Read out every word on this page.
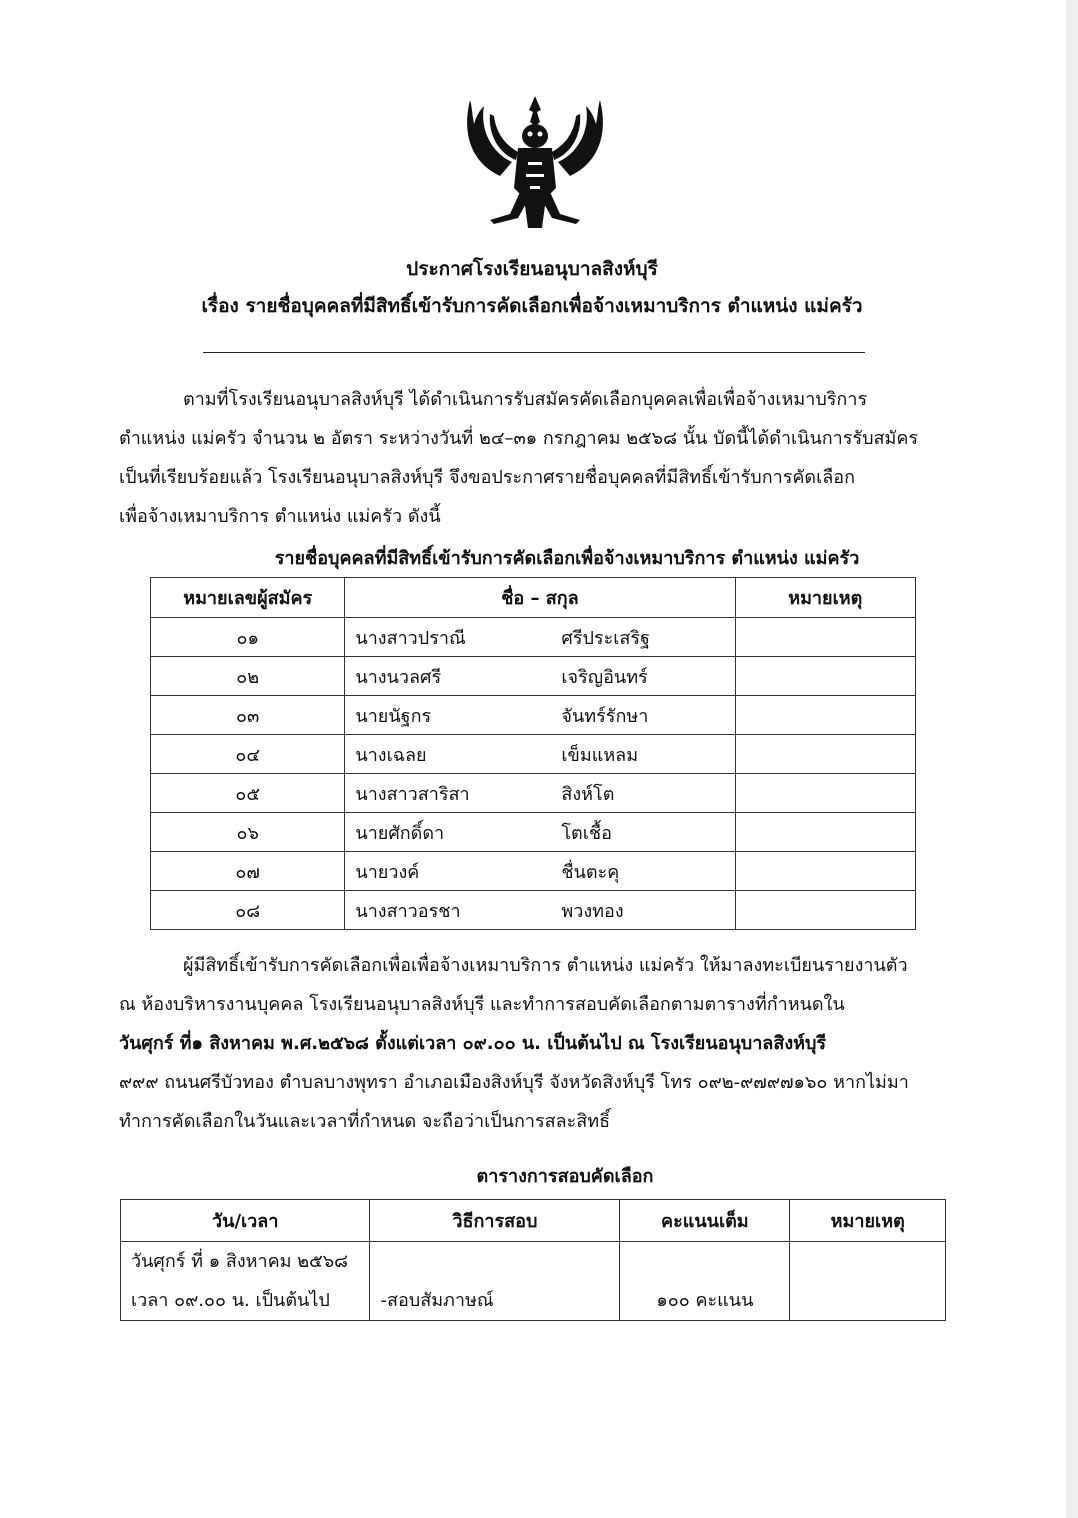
ประกาศโรงเรียนอนุบาลสิงห์บุรี
เรื่อง รายชื่อบุคคลที่มีสิทธิ์เข้ารับการคัดเลือกเพื่อจ้างเหมาบริการ ตำแหน่ง แม่ครัว
ตามที่โรงเรียนอนุบาลสิงห์บุรี ได้ดำเนินการรับสมัครคัดเลือกบุคคลเพื่อเพื่อจ้างเหมาบริการ
ตำแหน่ง แม่ครัว จำนวน ๒ อัตรา ระหว่างวันที่ ๒๔–๓๑ กรกฎาคม ๒๕๖๘ นั้น บัดนี้ได้ดำเนินการรับสมัคร
เป็นที่เรียบร้อยแล้ว โรงเรียนอนุบาลสิงห์บุรี จึงขอประกาศรายชื่อบุคคลที่มีสิทธิ์เข้ารับการคัดเลือก
เพื่อจ้างเหมาบริการ ตำแหน่ง แม่ครัว ดังนี้
รายชื่อบุคคลที่มีสิทธิ์เข้ารับการคัดเลือกเพื่อจ้างเหมาบริการ ตำแหน่ง แม่ครัว
หมายเลขผู้สมัคร	ชื่อ – สกุล	หมายเหตุ
๐๑	นางสาวปราณี ศรีประเสริฐ	
๐๒	นางนวลศรี เจริญอินทร์	
๐๓	นายนัฐกร จันทร์รักษา	
๐๔	นางเฉลย เข็มแหลม	
๐๕	นางสาวสาริสา สิงห์โต	
๐๖	นายศักดิ์ดา โตเชื้อ	
๐๗	นายวงค์ ชื่นตะคุ	
๐๘	นางสาวอรชา พวงทอง	
ผู้มีสิทธิ์เข้ารับการคัดเลือกเพื่อเพื่อจ้างเหมาบริการ ตำแหน่ง แม่ครัว ให้มาลงทะเบียนรายงานตัว
ณ ห้องบริหารงานบุคคล โรงเรียนอนุบาลสิงห์บุรี และทำการสอบคัดเลือกตามตารางที่กำหนดใน
วันศุกร์ ที่๑ สิงหาคม พ.ศ.๒๕๖๘ ตั้งแต่เวลา ๐๙.๐๐ น. เป็นต้นไป ณ โรงเรียนอนุบาลสิงห์บุรี
๙๙๙ ถนนศรีบัวทอง ตำบลบางพุทรา อำเภอเมืองสิงห์บุรี จังหวัดสิงห์บุรี โทร ๐๙๒-๙๗๙๗๑๖๐ หากไม่มา
ทำการคัดเลือกในวันและเวลาที่กำหนด จะถือว่าเป็นการสละสิทธิ์
ตารางการสอบคัดเลือก
วัน/เวลา	วิธีการสอบ	คะแนนเต็ม	หมายเหตุ

วันศุกร์ ที่ ๑ สิงหาคม ๒๕๖๘
เวลา ๐๙.๐๐ น. เป็นต้นไป	-สอบสัมภาษณ์	๑๐๐ คะแนน	
